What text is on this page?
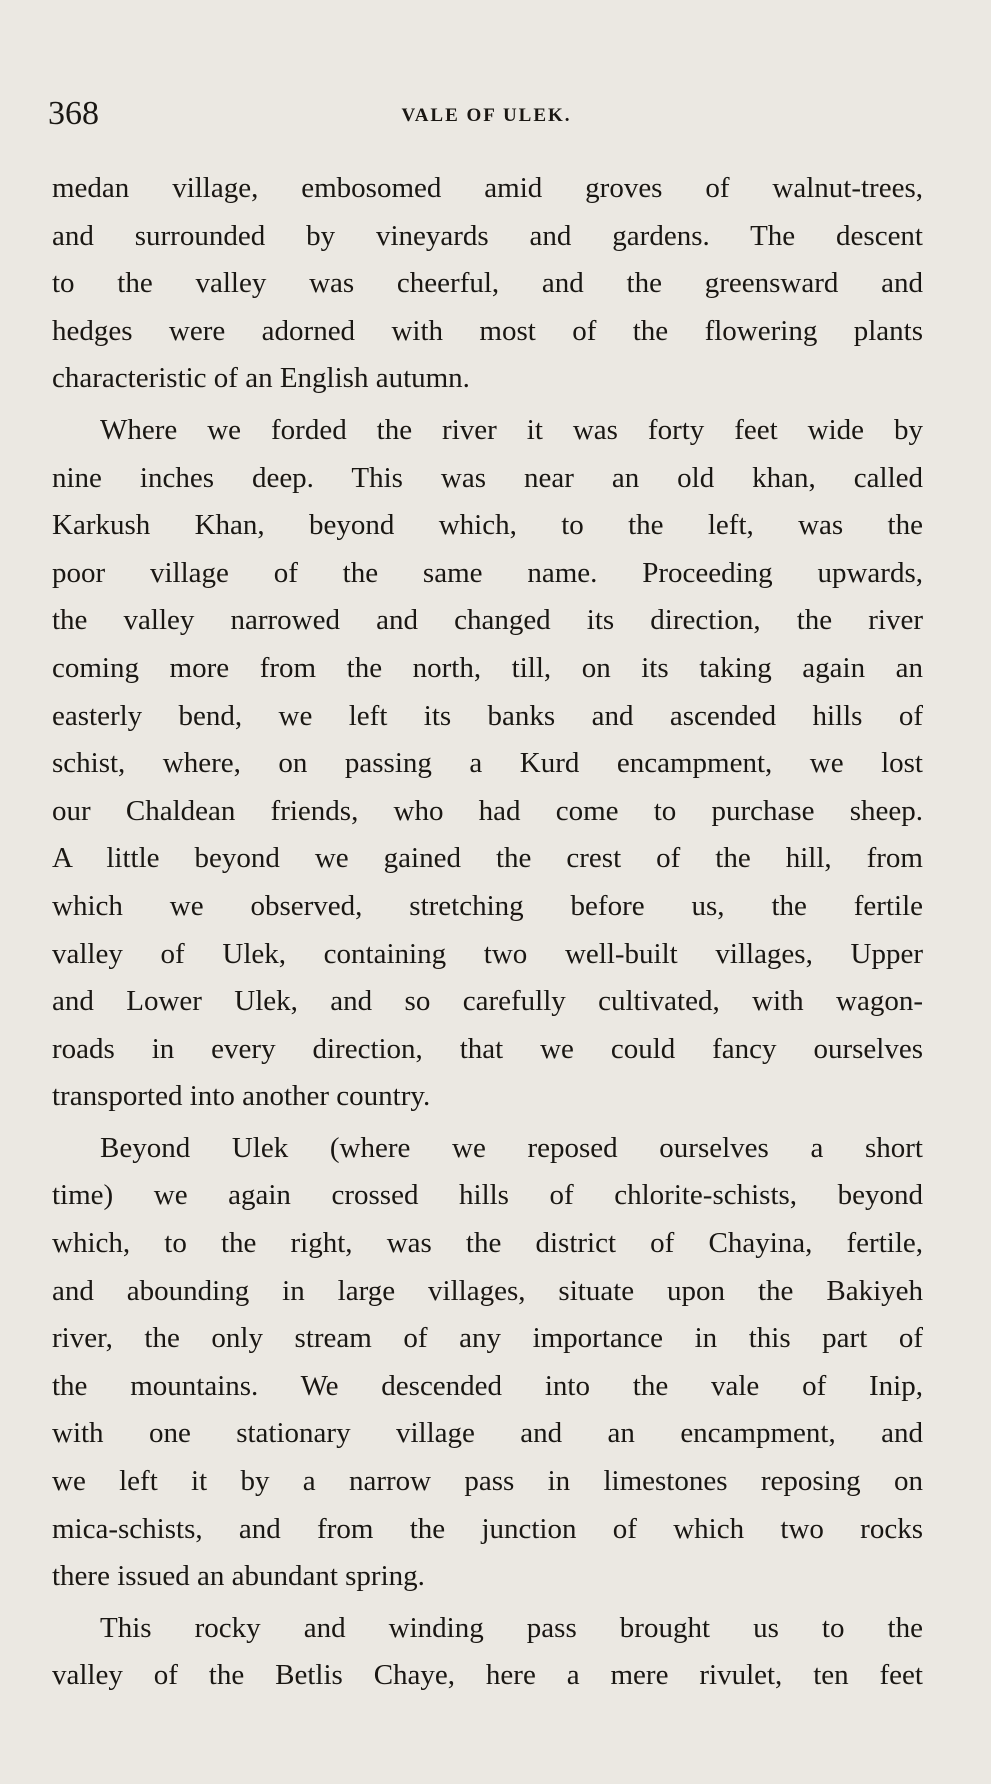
368	VALE OF ULEK.
medan village, embosomed amid groves of walnut-trees,
and surrounded by vineyards and gardens. The descent
to the valley was cheerful, and the greensward and
hedges were adorned with most of the flowering plants
characteristic of an English autumn.
Where we forded the river it was forty feet wide by
nine inches deep. This was near an old khan, called
Karkush Khan, beyond which, to the left, was the
poor village of the same name. Proceeding upwards,
the valley narrowed and changed its direction, the river
coming more from the north, till, on its taking again an
easterly bend, we left its banks and ascended hills of
schist, where, on passing a Kurd encampment, we lost
our Chaldean friends, who had come to purchase sheep.
A little beyond we gained the crest of the hill, from
which we observed, stretching before us, the fertile
valley of Ulek, containing two well-built villages, Upper
and Lower Ulek, and so carefully cultivated, with wagon-
roads in every direction, that we could fancy ourselves
transported into another country.
Beyond Ulek (where we reposed ourselves a short
time) we again crossed hills of chlorite-schists, beyond
which, to the right, was the district of Chayina, fertile,
and abounding in large villages, situate upon the Bakiyeh
river, the only stream of any importance in this part of
the mountains. We descended into the vale of Inip,
with one stationary village and an encampment, and
we left it by a narrow pass in limestones reposing on
mica-schists, and from the junction of which two rocks
there issued an abundant spring.
This rocky and winding pass brought us to the
valley of the Betlis Chaye, here a mere rivulet, ten feet
